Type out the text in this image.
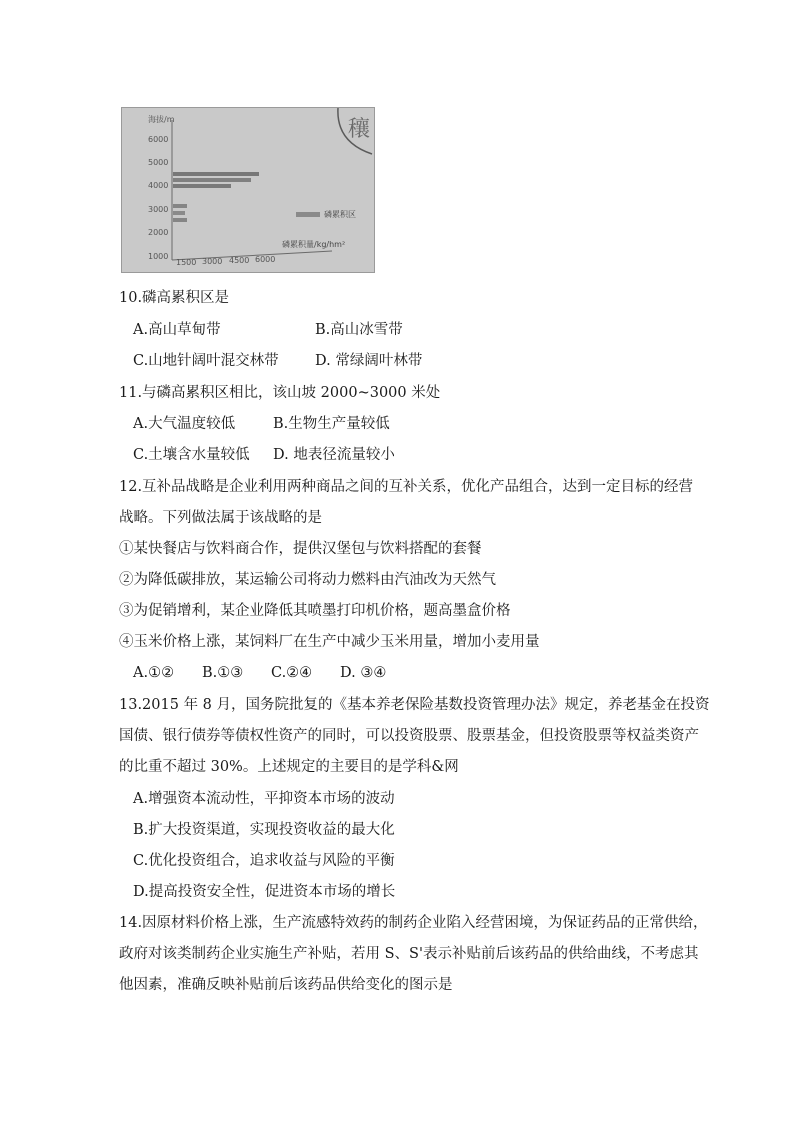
穰
海拔/m
6000
5000
4000
3000
2000
1000
磷累积区
磷累积量/kg/hm²
1500 3000 4500 6000
10.磷高累积区是
A.高山草甸带	B.高山冰雪带
C.山地针阔叶混交林带	D. 常绿阔叶林带
11.与磷高累积区相比，该山坡 2000~3000 米处
A.大气温度较低	B.生物生产量较低
C.土壤含水量较低 D. 地表径流量较小
12.互补品战略是企业利用两种商品之间的互补关系，优化产品组合，达到一定目标的经营
战略。下列做法属于该战略的是
①某快餐店与饮料商合作，提供汉堡包与饮料搭配的套餐
②为降低碳排放，某运输公司将动力燃料由汽油改为天然气
③为促销增利，某企业降低其喷墨打印机价格，题高墨盒价格
④玉米价格上涨，某饲料厂在生产中减少玉米用量，增加小麦用量
A.①② B.①③ C.②④ D. ③④
13.2015 年 8 月，国务院批复的《基本养老保险基数投资管理办法》规定，养老基金在投资
国债、银行债券等债权性资产的同时，可以投资股票、股票基金，但投资股票等权益类资产
的比重不超过 30%。上述规定的主要目的是学科&网
A.增强资本流动性，平抑资本市场的波动
B.扩大投资渠道，实现投资收益的最大化
C.优化投资组合，追求收益与风险的平衡
D.提高投资安全性，促进资本市场的增长
14.因原材料价格上涨，生产流感特效药的制药企业陷入经营困境，为保证药品的正常供给，
政府对该类制药企业实施生产补贴，若用 S、S'表示补贴前后该药品的供给曲线，不考虑其
他因素，准确反映补贴前后该药品供给变化的图示是
